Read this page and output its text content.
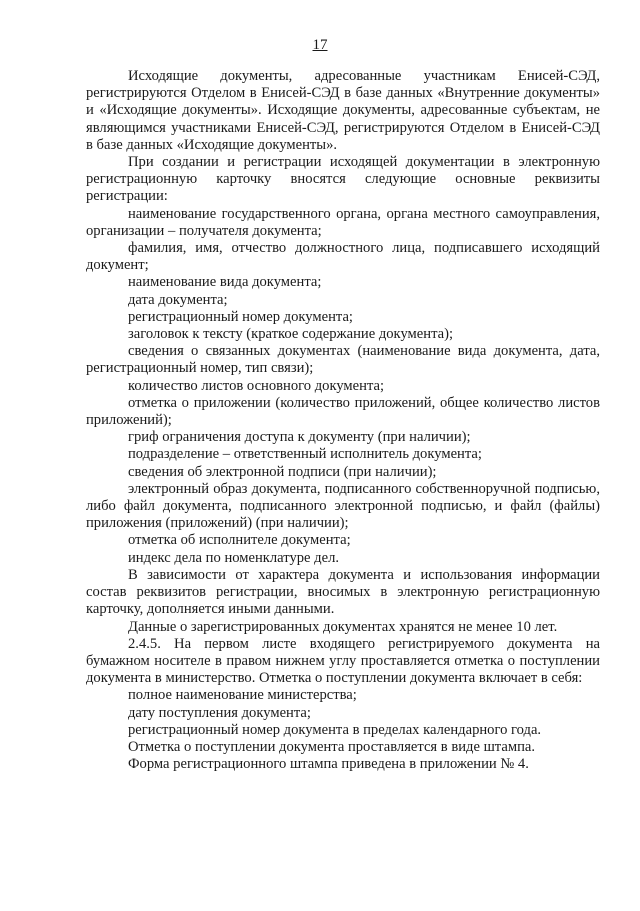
17

Исходящие документы, адресованные участникам Енисей-СЭД, регистрируются Отделом в Енисей-СЭД в базе данных «Внутренние документы» и «Исходящие документы». Исходящие документы, адресованные субъектам, не являющимся участниками Енисей-СЭД, регистрируются Отделом в Енисей-СЭД в базе данных «Исходящие документы».

При создании и регистрации исходящей документации в электронную регистрационную карточку вносятся следующие основные реквизиты регистрации:

наименование государственного органа, органа местного самоуправления, организации – получателя документа;

фамилия, имя, отчество должностного лица, подписавшего исходящий документ;

наименование вида документа;

дата документа;

регистрационный номер документа;

заголовок к тексту (краткое содержание документа);

сведения о связанных документах (наименование вида документа, дата, регистрационный номер, тип связи);

количество листов основного документа;

отметка о приложении (количество приложений, общее количество листов приложений);

гриф ограничения доступа к документу (при наличии);

подразделение – ответственный исполнитель документа;

сведения об электронной подписи (при наличии);

электронный образ документа, подписанного собственноручной подписью, либо файл документа, подписанного электронной подписью, и файл (файлы) приложения (приложений) (при наличии);

отметка об исполнителе документа;

индекс дела по номенклатуре дел.

В зависимости от характера документа и использования информации состав реквизитов регистрации, вносимых в электронную регистрационную карточку, дополняется иными данными.

Данные о зарегистрированных документах хранятся не менее 10 лет.

2.4.5. На первом листе входящего регистрируемого документа на бумажном носителе в правом нижнем углу проставляется отметка о поступлении документа в министерство. Отметка о поступлении документа включает в себя:

полное наименование министерства;

дату поступления документа;

регистрационный номер документа в пределах календарного года.

Отметка о поступлении документа проставляется в виде штампа.

Форма регистрационного штампа приведена в приложении № 4.
